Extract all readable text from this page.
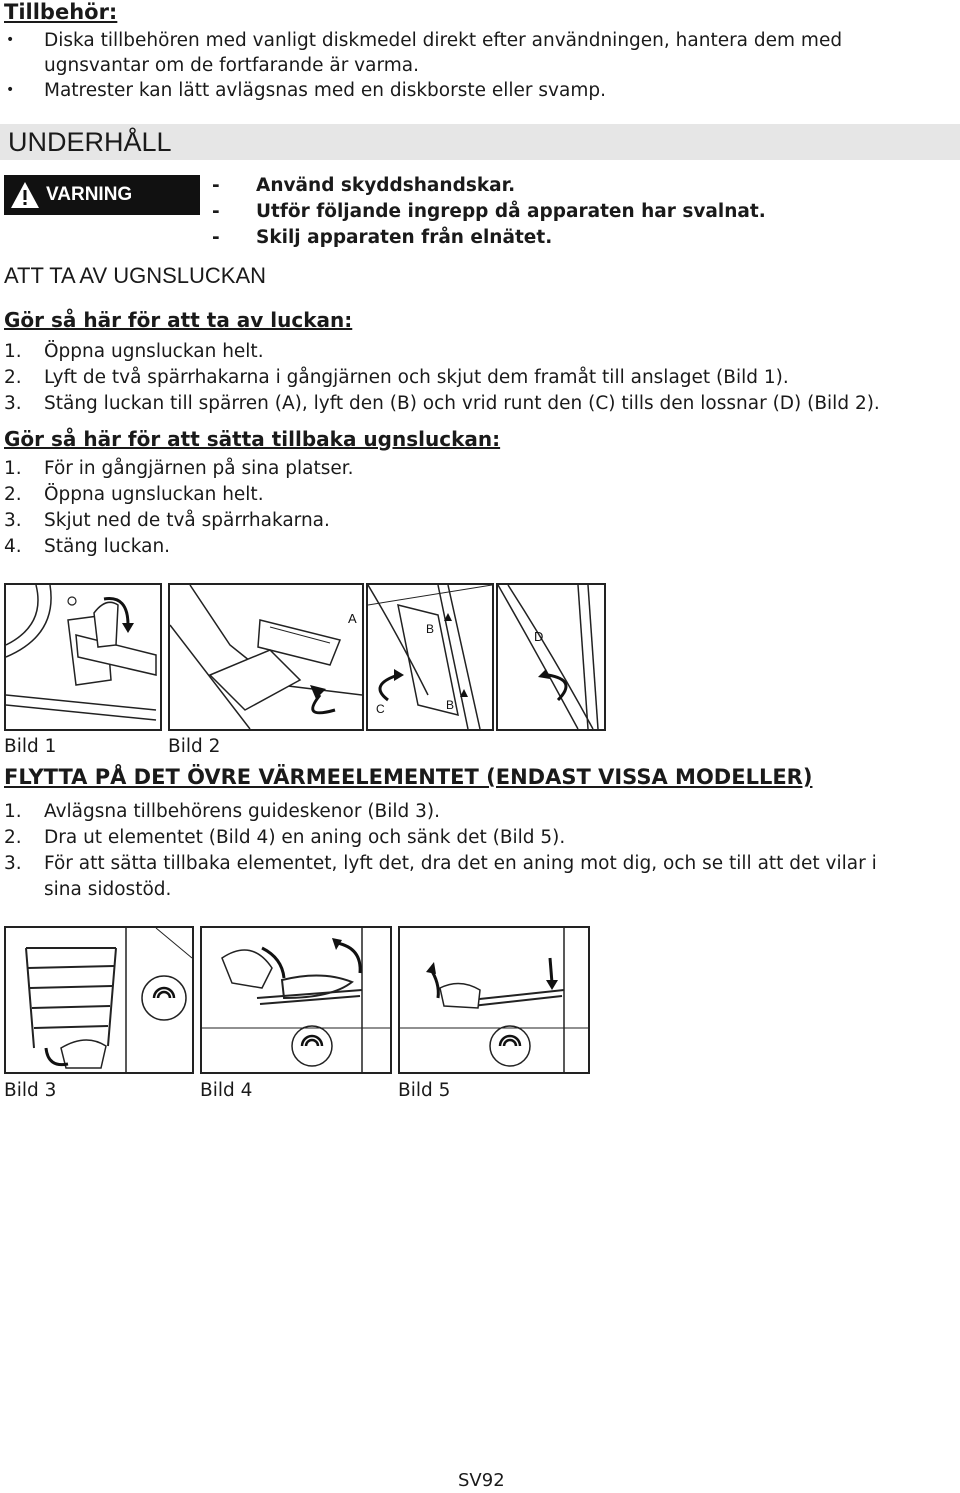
Tillbehör:
• Diska tillbehören med vanligt diskmedel direkt efter användningen, hantera dem med ugnsvantar om de fortfarande är varma.
• Matrester kan lätt avlägsnas med en diskborste eller svamp.
UNDERHÅLL
VARNING
-	Använd skyddshandskar.
- Utför följande ingrepp då apparaten har svalnat.
- Skilj apparaten från elnätet.
ATT TA AV UGNSLUCKAN
Gör så här för att ta av luckan:
1. Öppna ugnsluckan helt.
2. Lyft de två spärrhakarna i gångjärnen och skjut dem framåt till anslaget (Bild 1).
3. Stäng luckan till spärren (A), lyft den (B) och vrid runt den (C) tills den lossnar (D) (Bild 2).
Gör så här för att sätta tillbaka ugnsluckan:
1. För in gångjärnen på sina platser.
2. Öppna ugnsluckan helt.
3. Skjut ned de två spärrhakarna.
4. Stäng luckan.
A
B
B
C
D
Bild 1	Bild 2
FLYTTA PÅ DET ÖVRE VÄRMEELEMENTET (ENDAST VISSA MODELLER)
1. Avlägsna tillbehörens guideskenor (Bild 3).
2. Dra ut elementet (Bild 4) en aning och sänk det (Bild 5).
3. För att sätta tillbaka elementet, lyft det, dra det en aning mot dig, och se till att det vilar i sina sidostöd.
Bild 3	Bild 4	Bild 5
SV92
